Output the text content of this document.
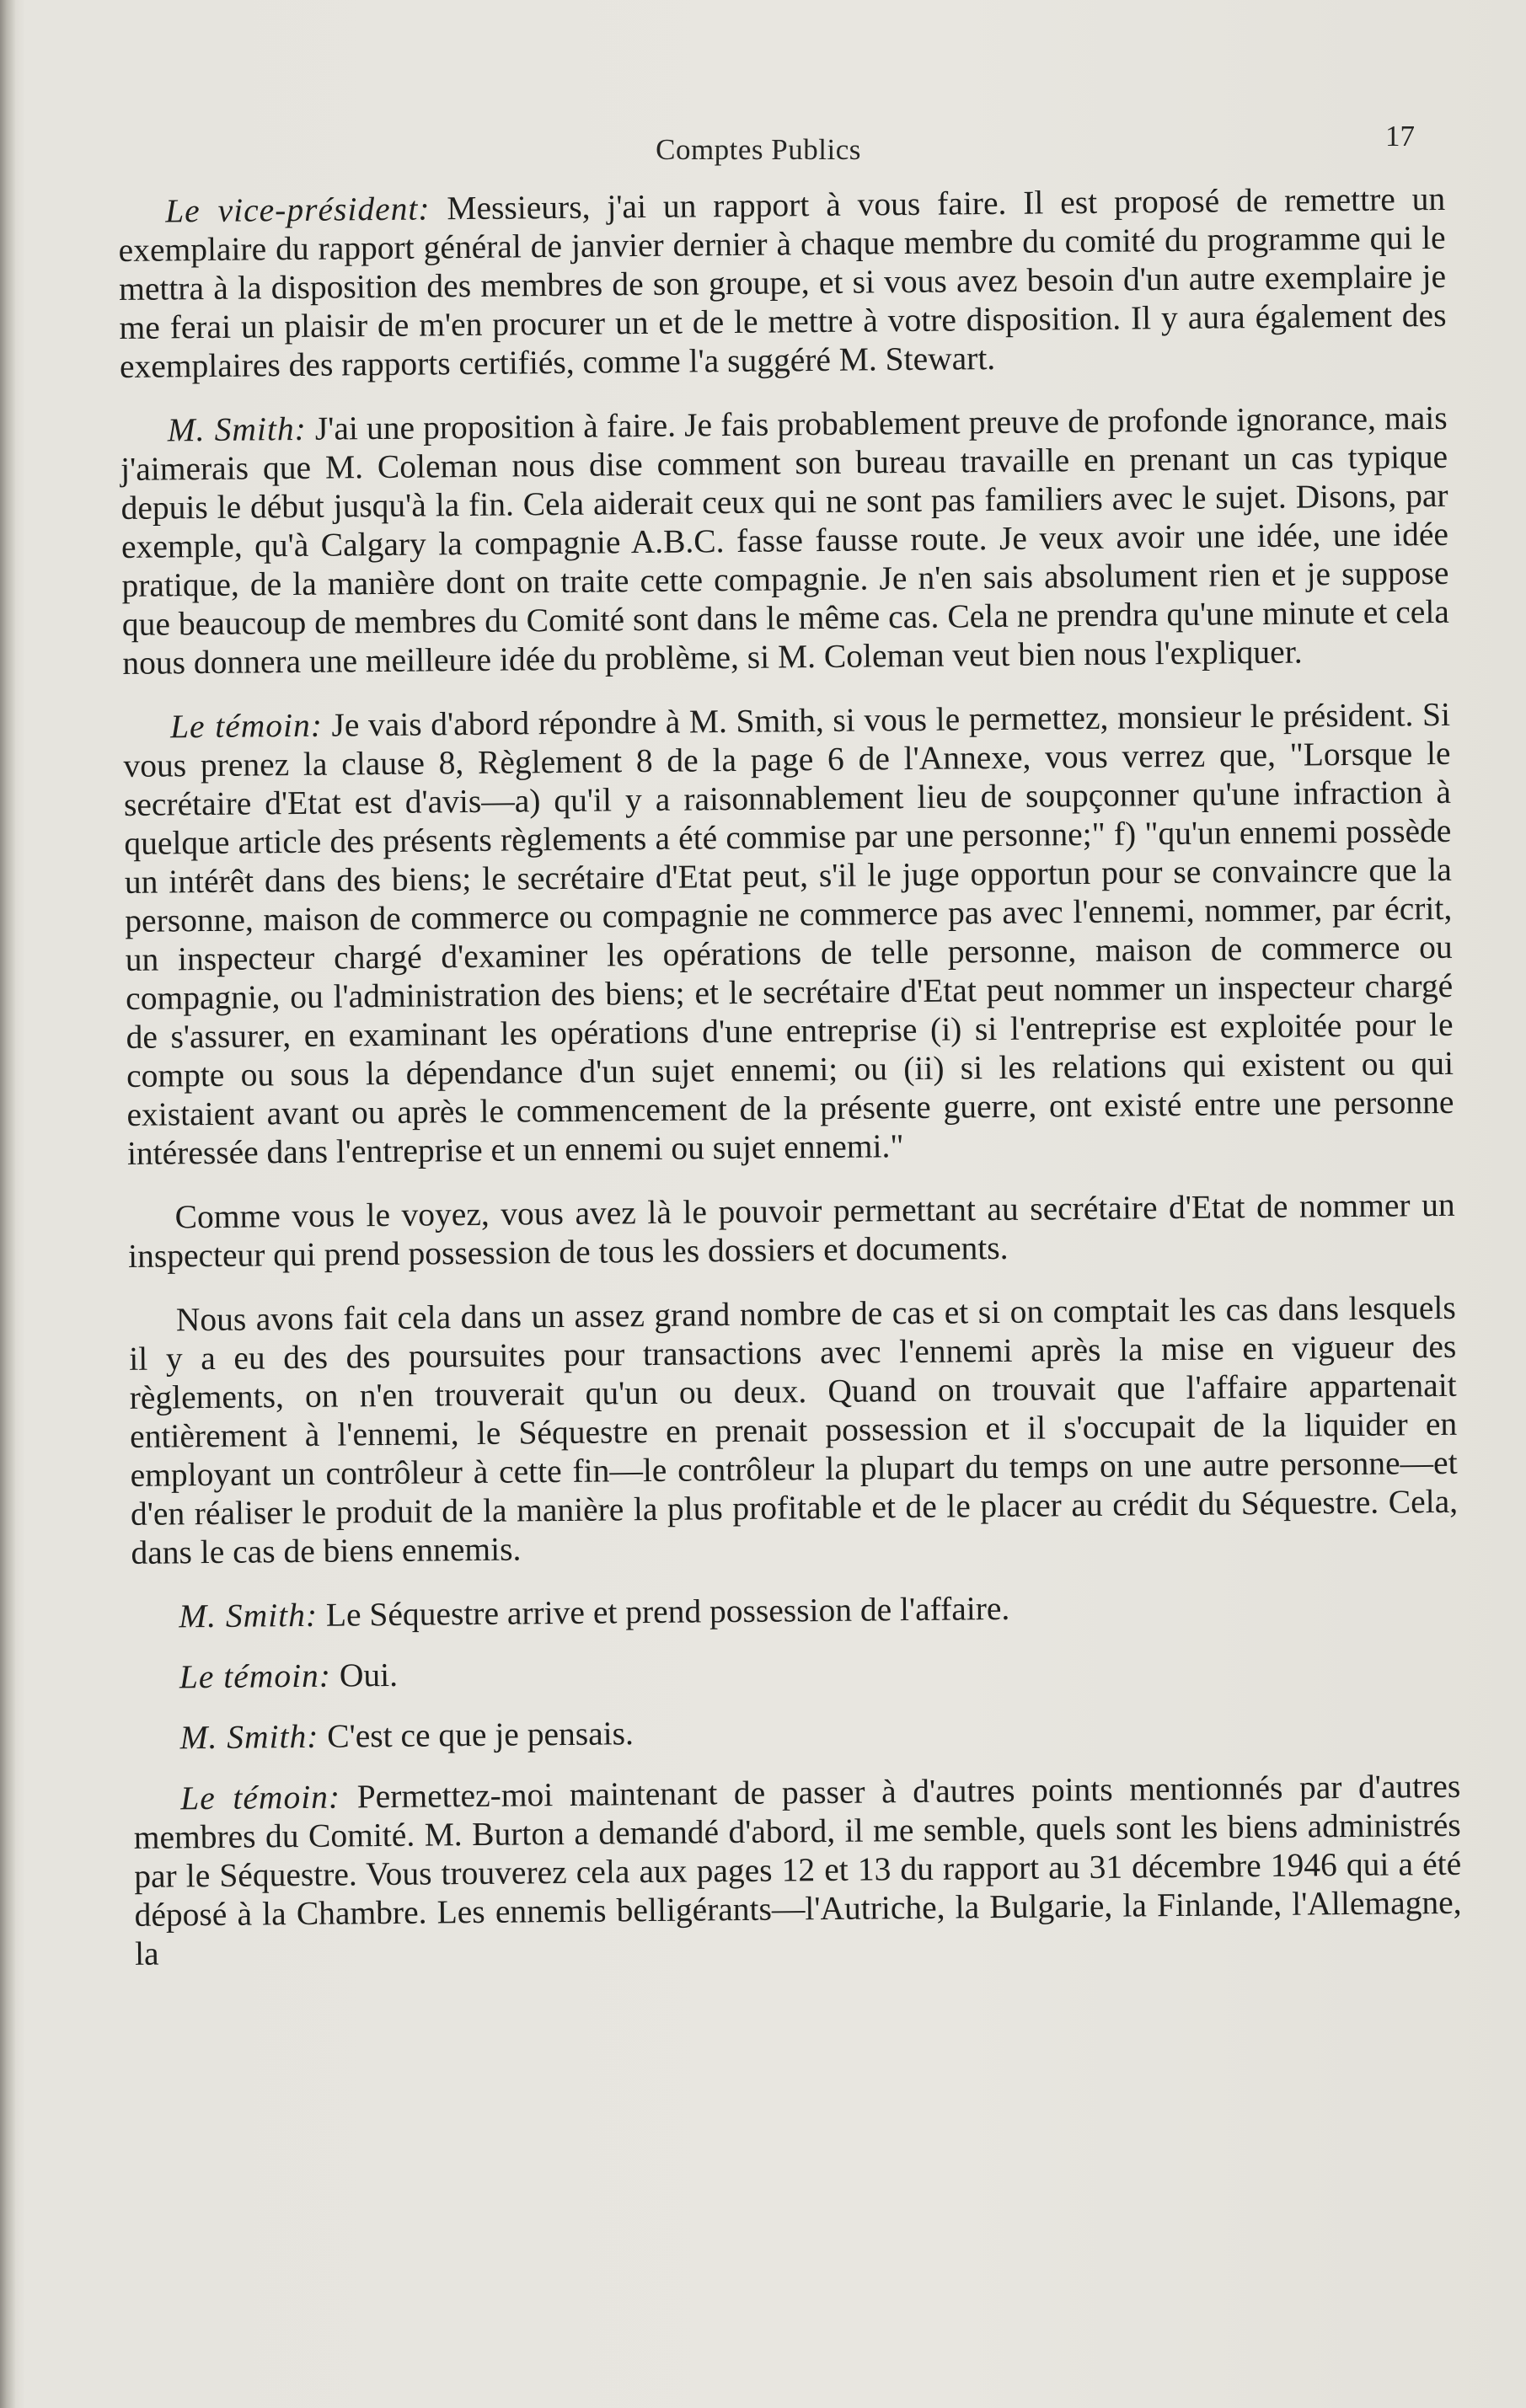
Comptes Publics	17

Le vice-président: Messieurs, j'ai un rapport à vous faire. Il est proposé de remettre un exemplaire du rapport général de janvier dernier à chaque membre du comité du programme qui le mettra à la disposition des membres de son groupe, et si vous avez besoin d'un autre exemplaire je me ferai un plaisir de m'en procurer un et de le mettre à votre disposition. Il y aura également des exemplaires des rapports certifiés, comme l'a suggéré M. Stewart.

M. Smith: J'ai une proposition à faire. Je fais probablement preuve de profonde ignorance, mais j'aimerais que M. Coleman nous dise comment son bureau travaille en prenant un cas typique depuis le début jusqu'à la fin. Cela aiderait ceux qui ne sont pas familiers avec le sujet. Disons, par exemple, qu'à Calgary la compagnie A.B.C. fasse fausse route. Je veux avoir une idée, une idée pratique, de la manière dont on traite cette compagnie. Je n'en sais absolument rien et je suppose que beaucoup de membres du Comité sont dans le même cas. Cela ne prendra qu'une minute et cela nous donnera une meilleure idée du problème, si M. Coleman veut bien nous l'expliquer.

Le témoin: Je vais d'abord répondre à M. Smith, si vous le permettez, monsieur le président. Si vous prenez la clause 8, Règlement 8 de la page 6 de l'Annexe, vous verrez que, "Lorsque le secrétaire d'Etat est d'avis—a) qu'il y a raisonnablement lieu de soupçonner qu'une infraction à quelque article des présents règlements a été commise par une personne;" f) "qu'un ennemi possède un intérêt dans des biens; le secrétaire d'Etat peut, s'il le juge opportun pour se convaincre que la personne, maison de commerce ou compagnie ne commerce pas avec l'ennemi, nommer, par écrit, un inspecteur chargé d'examiner les opérations de telle personne, maison de commerce ou compagnie, ou l'administration des biens; et le secrétaire d'Etat peut nommer un inspecteur chargé de s'assurer, en examinant les opérations d'une entreprise (i) si l'entreprise est exploitée pour le compte ou sous la dépendance d'un sujet ennemi; ou (ii) si les relations qui existent ou qui existaient avant ou après le commencement de la présente guerre, ont existé entre une personne intéressée dans l'entreprise et un ennemi ou sujet ennemi."

Comme vous le voyez, vous avez là le pouvoir permettant au secrétaire d'Etat de nommer un inspecteur qui prend possession de tous les dossiers et documents.

Nous avons fait cela dans un assez grand nombre de cas et si on comptait les cas dans lesquels il y a eu des des poursuites pour transactions avec l'ennemi après la mise en vigueur des règlements, on n'en trouverait qu'un ou deux. Quand on trouvait que l'affaire appartenait entièrement à l'ennemi, le Séquestre en prenait possession et il s'occupait de la liquider en employant un contrôleur à cette fin—le contrôleur la plupart du temps on une autre personne—et d'en réaliser le produit de la manière la plus profitable et de le placer au crédit du Séquestre. Cela, dans le cas de biens ennemis.

M. Smith: Le Séquestre arrive et prend possession de l'affaire.

Le témoin: Oui.

M. Smith: C'est ce que je pensais.

Le témoin: Permettez-moi maintenant de passer à d'autres points mentionnés par d'autres membres du Comité. M. Burton a demandé d'abord, il me semble, quels sont les biens administrés par le Séquestre. Vous trouverez cela aux pages 12 et 13 du rapport au 31 décembre 1946 qui a été déposé à la Chambre. Les ennemis belligérants—l'Autriche, la Bulgarie, la Finlande, l'Allemagne, la
